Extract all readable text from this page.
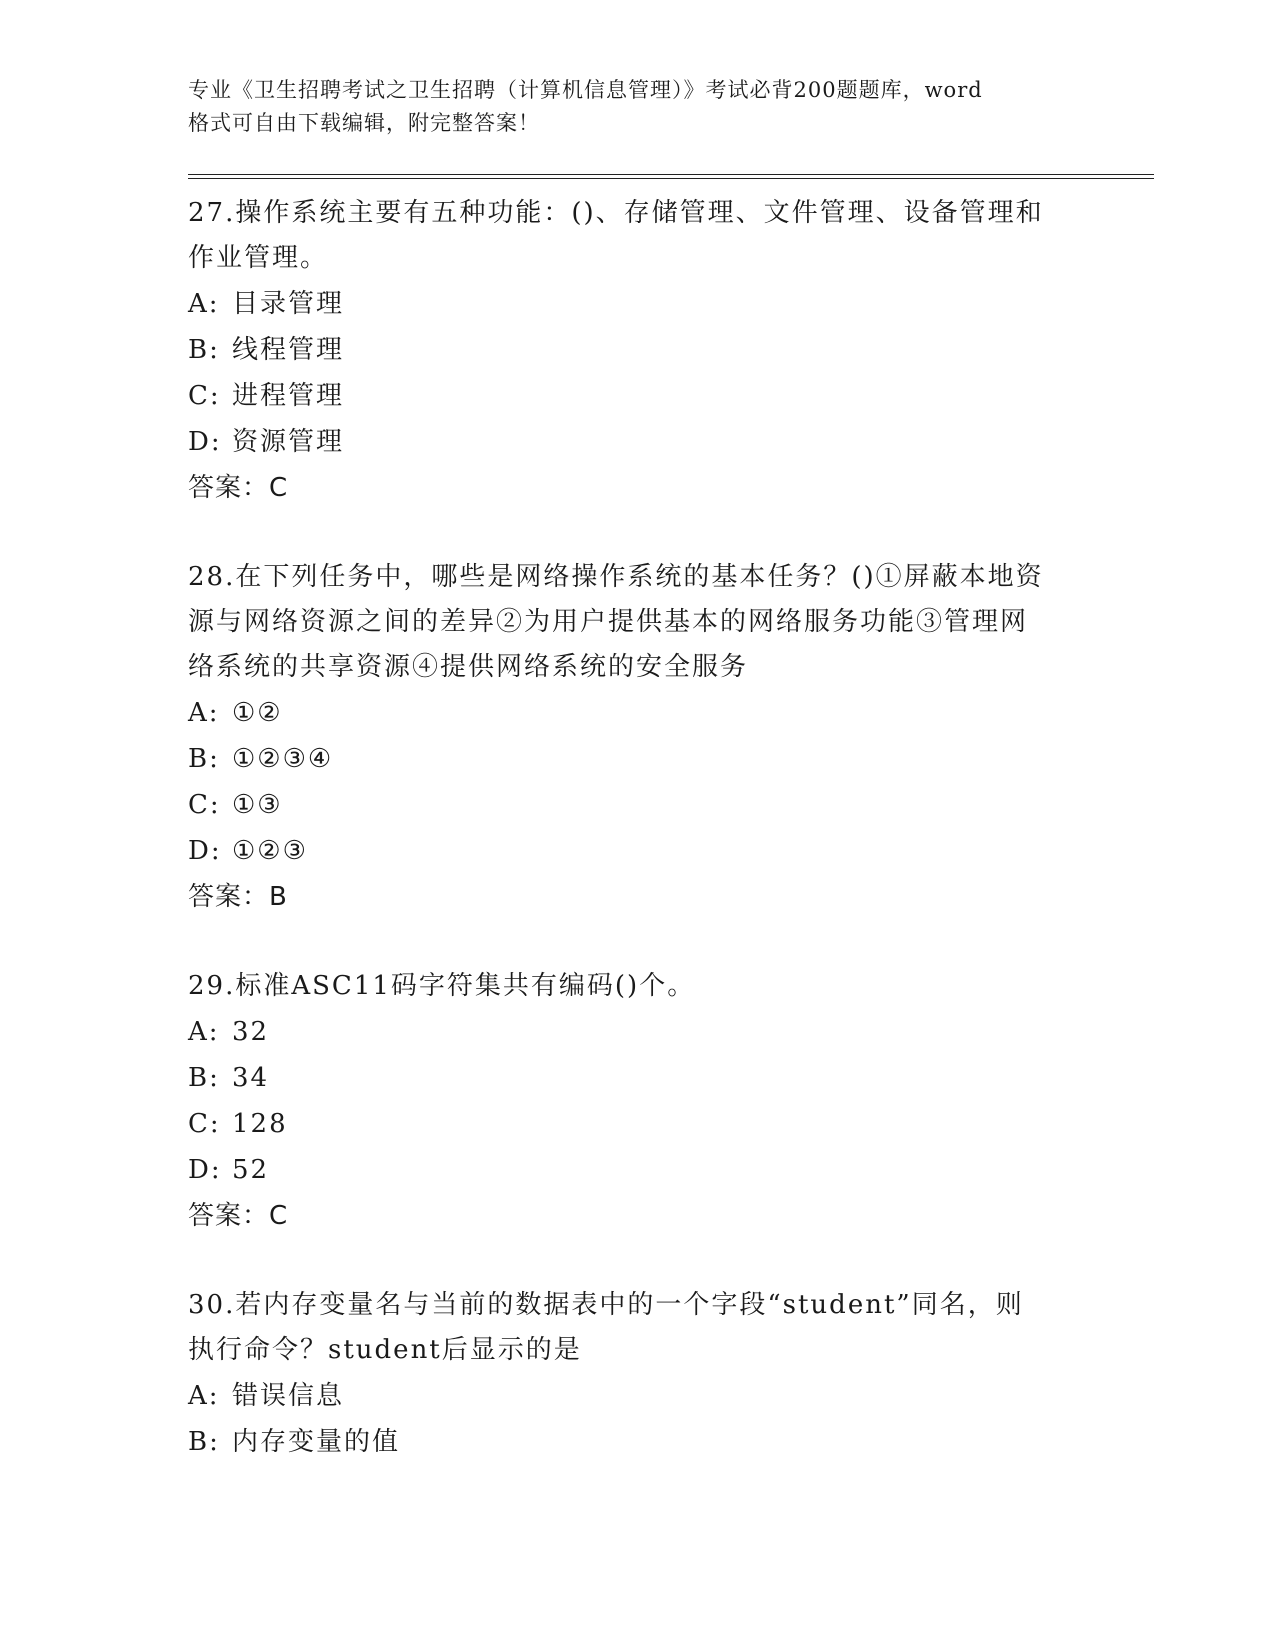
专业《卫生招聘考试之卫生招聘（计算机信息管理）》考试必背200题题库，word

格式可自由下载编辑，附完整答案！

27.操作系统主要有五种功能：()、存储管理、文件管理、设备管理和

作业管理。

A: 目录管理
B: 线程管理
C: 进程管理
D: 资源管理

答案：C

28.在下列任务中，哪些是网络操作系统的基本任务？()①屏蔽本地资

源与网络资源之间的差异②为用户提供基本的网络服务功能③管理网

络系统的共享资源④提供网络系统的安全服务

A: ①②
B: ①②③④
C: ①③
D: ①②③

答案：B

29.标准ASC11码字符集共有编码()个。

A: 32
B: 34
C: 128
D: 52

答案：C

30.若内存变量名与当前的数据表中的一个字段“student”同名，则

执行命令？student后显示的是

A: 错误信息
B: 内存变量的值
